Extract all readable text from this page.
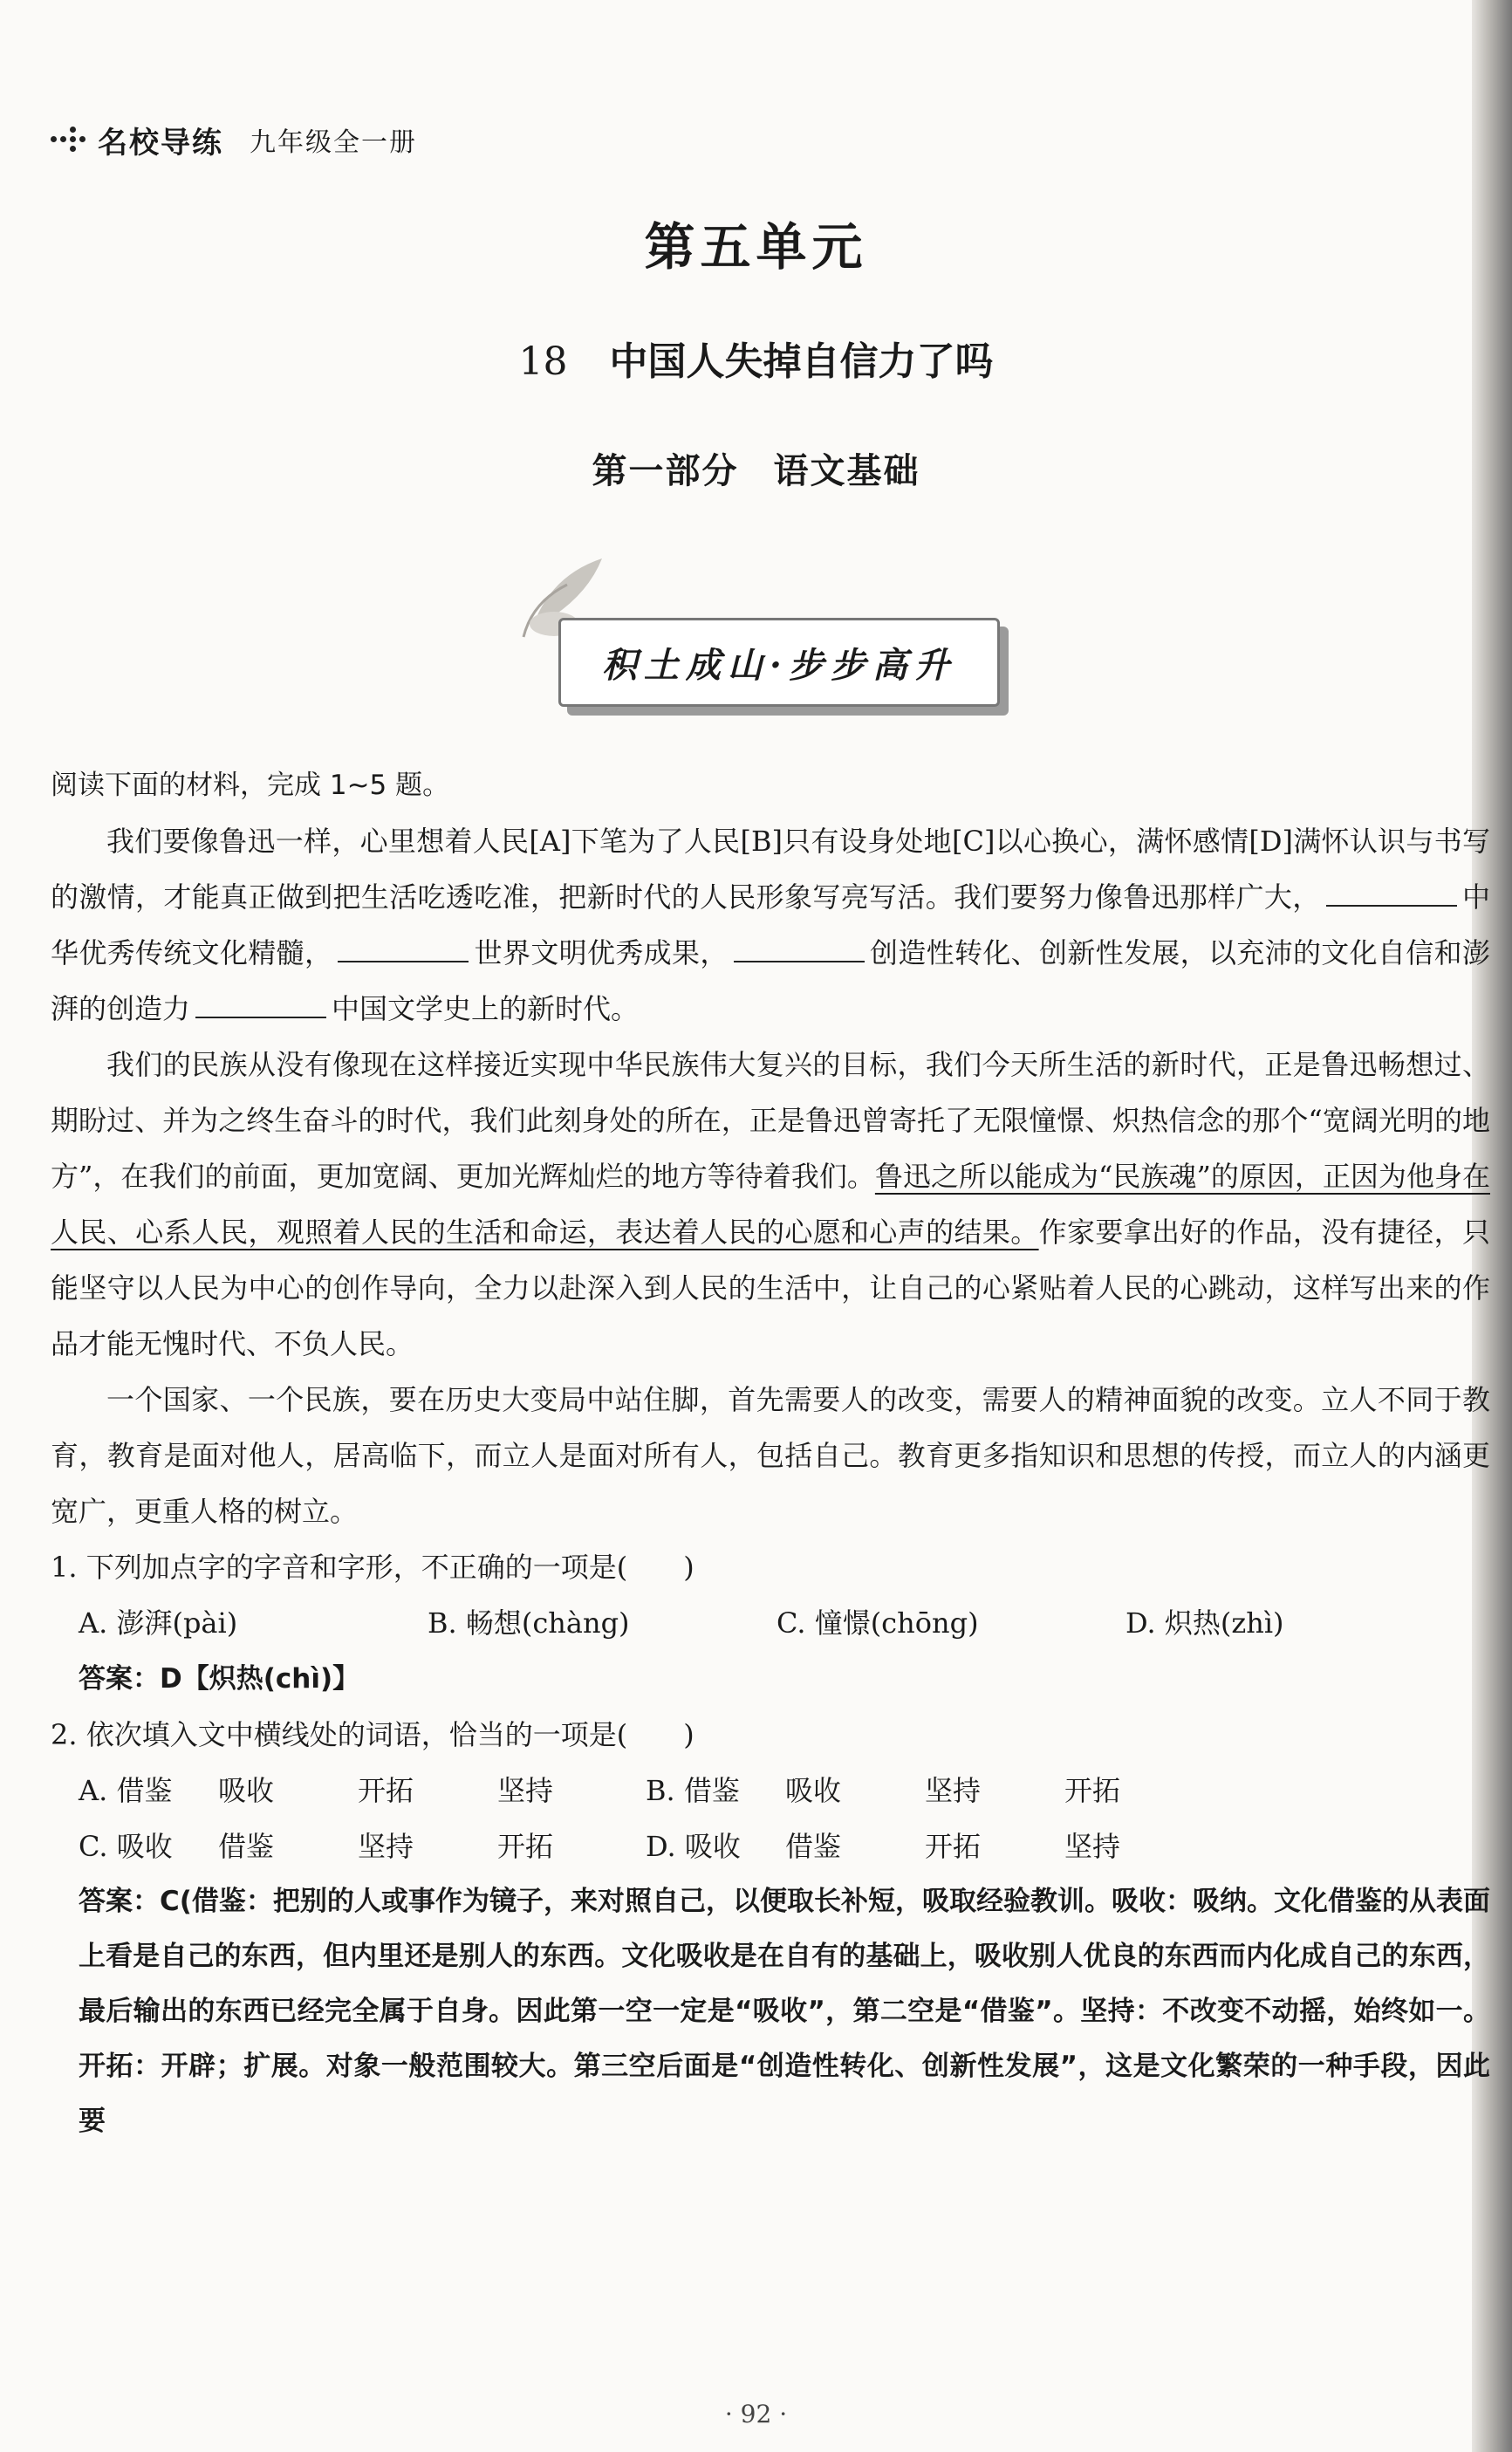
名校导练 九年级全一册
第五单元
18 中国人失掉自信力了吗
第一部分 语文基础
积土成山·步步高升

阅读下面的材料，完成 1~5 题。

我们要像鲁迅一样，心里想着人民[A]下笔为了人民[B]只有设身处地[C]以心换心，满怀感情[D]满怀认识与书写的激情，才能真正做到把生活吃透吃准，把新时代的人民形象写亮写活。我们要努力像鲁迅那样广大，	中华优秀传统文化精髓，	世界文明优秀成果，	创造性转化、创新性发展，以充沛的文化自信和澎湃的创造力	中国文学史上的新时代。

我们的民族从没有像现在这样接近实现中华民族伟大复兴的目标，我们今天所生活的新时代，正是鲁迅畅想过、期盼过、并为之终生奋斗的时代，我们此刻身处的所在，正是鲁迅曾寄托了无限憧憬、炽热信念的那个“宽阔光明的地方”，在我们的前面，更加宽阔、更加光辉灿烂的地方等待着我们。鲁迅之所以能成为“民族魂”的原因，正因为他身在人民、心系人民，观照着人民的生活和命运，表达着人民的心愿和心声的结果。作家要拿出好的作品，没有捷径，只能坚守以人民为中心的创作导向，全力以赴深入到人民的生活中，让自己的心紧贴着人民的心跳动，这样写出来的作品才能无愧时代、不负人民。

一个国家、一个民族，要在历史大变局中站住脚，首先需要人的改变，需要人的精神面貌的改变。立人不同于教育，教育是面对他人，居高临下，而立人是面对所有人，包括自己。教育更多指知识和思想的传授，而立人的内涵更宽广，更重人格的树立。

1. 下列加点字的字音和字形，不正确的一项是(　　)

A. 澎湃(pài)	B. 畅想(chàng)	C. 憧憬(chōng)	D. 炽热(zhì)

答案：D【炽热(chì)】

2. 依次填入文中横线处的词语，恰当的一项是(　　)

A. 借鉴	吸收	开拓	坚持	B. 借鉴	吸收	坚持	开拓
C. 吸收	借鉴	坚持	开拓	D. 吸收	借鉴	开拓	坚持

答案：C(借鉴：把别的人或事作为镜子，来对照自己，以便取长补短，吸取经验教训。吸收：吸纳。文化借鉴的从表面上看是自己的东西，但内里还是别人的东西。文化吸收是在自有的基础上，吸收别人优良的东西而内化成自己的东西，最后输出的东西已经完全属于自身。因此第一空一定是“吸收”，第二空是“借鉴”。坚持：不改变不动摇，始终如一。开拓：开辟；扩展。对象一般范围较大。第三空后面是“创造性转化、创新性发展”，这是文化繁荣的一种手段，因此要

· 92 ·
